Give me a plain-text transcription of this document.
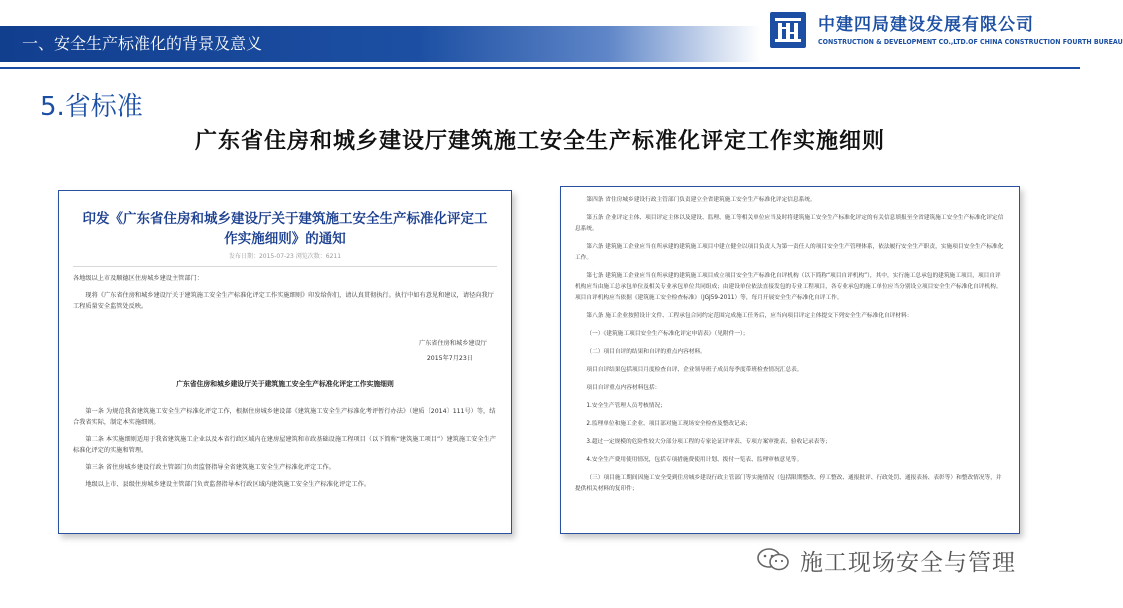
一、安全生产标准化的背景及意义
中建四局建设发展有限公司
CONSTRUCTION & DEVELOPMENT CO.,LTD.OF CHINA CONSTRUCTION FOURTH BUREAU
5.省标准
广东省住房和城乡建设厅建筑施工安全生产标准化评定工作实施细则
印发《广东省住房和城乡建设厅关于建筑施工安全生产标准化评定工作实施细则》的通知
发布日期：2015-07-23 浏览次数：6211

各地级以上市及顺德区住房城乡建设主管部门：

现将《广东省住房和城乡建设厅关于建筑施工安全生产标准化评定工作实施细则》印发给你们，请认真贯彻执行。执行中如有意见和建议，请径向我厅工程质量安全监管处反映。

广东省住房和城乡建设厅
2015年7月23日
广东省住房和城乡建设厅关于建筑施工安全生产标准化评定工作实施细则

第一条 为规范我省建筑施工安全生产标准化评定工作，根据住房城乡建设部《建筑施工安全生产标准化考评暂行办法》（建质〔2014〕111号）等，结合我省实际，制定本实施细则。

第二条 本实施细则适用于我省建筑施工企业以及本省行政区域内在建房屋建筑和市政基础设施工程项目（以下简称“建筑施工项目”）建筑施工安全生产标准化评定的实施和管理。

第三条 省住房城乡建设行政主管部门负责监督指导全省建筑施工安全生产标准化评定工作。

地级以上市、县级住房城乡建设主管部门负责监督指导本行政区域内建筑施工安全生产标准化评定工作。

第四条 省住房城乡建设行政主管部门负责建立全省建筑施工安全生产标准化评定信息系统。

第五条 企业评定主体、项目评定主体以及建设、监理、施工等相关单位应当及时将建筑施工安全生产标准化评定的有关信息填报至全省建筑施工安全生产标准化评定信息系统。

第六条 建筑施工企业应当在所承建的建筑施工项目中建立健全以项目负责人为第一责任人的项目安全生产管理体系，依法履行安全生产职责，实施项目安全生产标准化工作。

第七条 建筑施工企业应当在所承建的建筑施工项目成立项目安全生产标准化自评机构（以下简称“项目自评机构”），其中，实行施工总承包的建筑施工项目，项目自评机构应当由施工总承包单位及相关专业承包单位共同组成；由建设单位依法直接发包的专业工程项目，各专业承包的施工单位应当分别设立项目安全生产标准化自评机构。项目自评机构应当依据《建筑施工安全检查标准》（JGJ59-2011）等，每月开展安全生产标准化自评工作。

第八条 施工企业按照设计文件、工程承包合同约定范围完成施工任务后，应当向项目评定主体提交下列安全生产标准化自评材料：

（一）《建筑施工项目安全生产标准化评定申请表》（见附件一）；

（二）项目自评的结果和自评的重点内容材料。

项目自评结果包括项目月度检查自评、企业领导班子成员每季度带班检查情况汇总表。

项目自评重点内容材料包括：

1.安全生产管理人员考核情况；

2.监理单位和施工企业、项目部对施工现场安全检查及整改记录；

3.超过一定规模的危险性较大分部分项工程的专家论证评审表、专项方案审批表、验收记录表等；

4.安全生产费用使用情况，包括专项措施费使用计划、拨付一览表、监理审核意见等。

（三）项目施工期间因施工安全受到住房城乡建设行政主管部门等实施情况（包括限期整改、停工整改、通报批评、行政处罚、通报表扬、表彰等）和整改情况等，并提供相关材料的复印件；

施工现场安全与管理
